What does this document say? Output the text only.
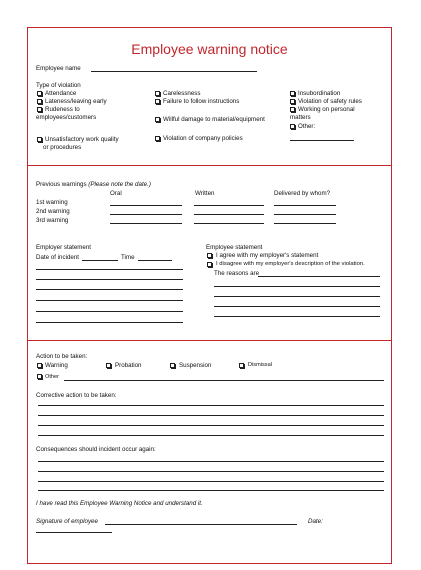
Employee warning notice
Employee name
Type of violation
Attendance
Lateness/leaving early
Rudeness to
employees/customers
Unsatisfactory work quality
or procedures
Carelessness
Failure to follow instructions
Willful damage to material/equipment
Violation of company policies
Insubordination
Violation of safety rules
Working on personal
matters
Other:
Previous warnings (Please note the date.)
Oral	Written	Delivered by whom?
1st warning
2nd warning
3rd warning
Employer statement
Date of incident	Time
Employee statement
I agree with my employer's statement
I disagree with my employer's description of the violation.
The reasons are
Action to be taken:
Warning	Probation	Suspension	Dismissal
Other
Corrective action to be taken:
Consequences should incident occur again:
I have read this Employee Warning Notice and understand it.
Signature of employee	Date:
